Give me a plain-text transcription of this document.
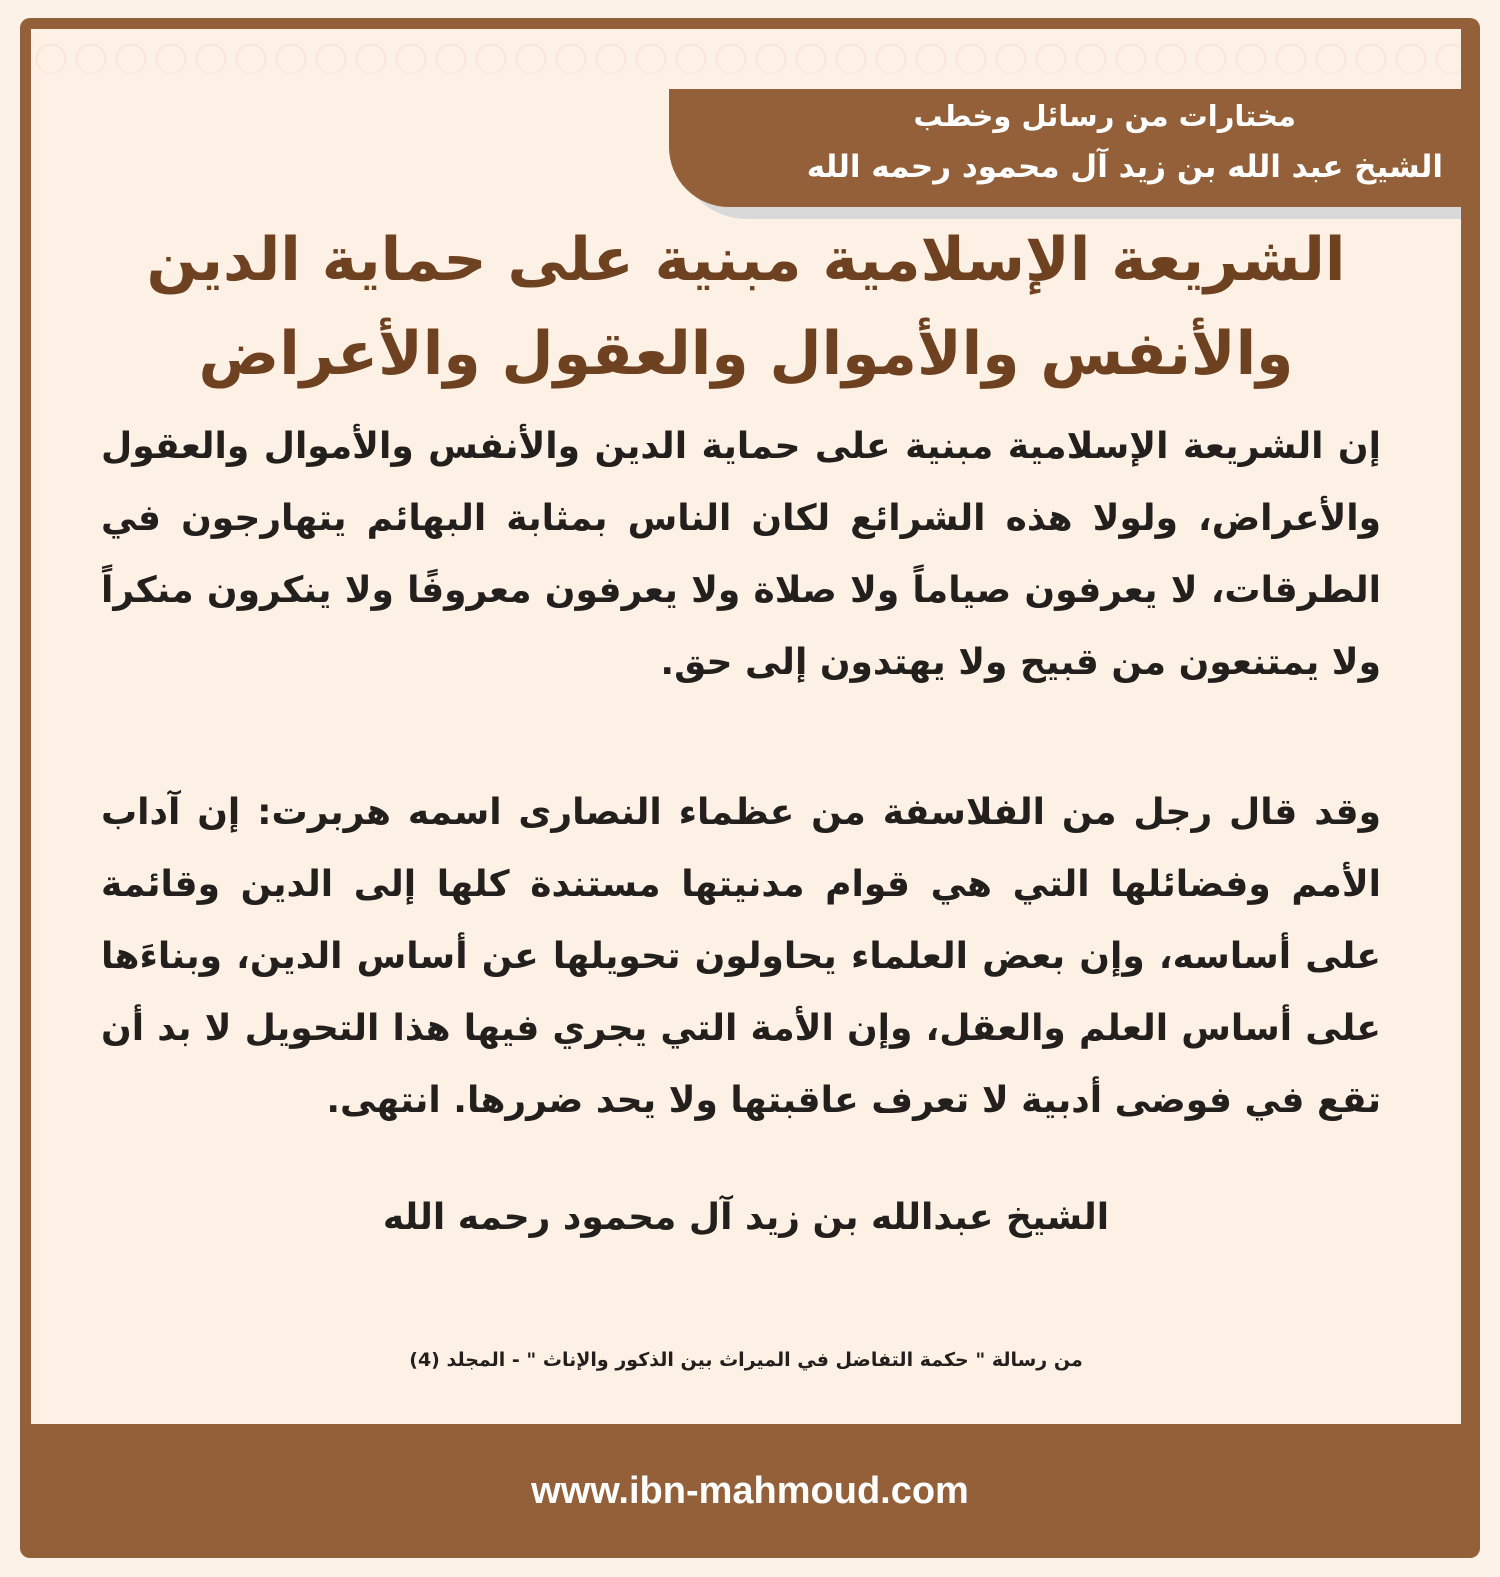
مختارات من رسائل وخطب
الشيخ عبد الله بن زيد آل محمود رحمه الله
الشريعة الإسلامية مبنية على حماية الدين
والأنفس والأموال والعقول والأعراض

إن الشريعة الإسلامية مبنية على حماية الدين والأنفس والأموال والعقول والأعراض، ولولا هذه الشرائع لكان الناس بمثابة البهائم يتهارجون في الطرقات، لا يعرفون صياماً ولا صلاة ولا يعرفون معروفًا ولا ينكرون منكراً ولا يمتنعون من قبيح ولا يهتدون إلى حق.

وقد قال رجل من الفلاسفة من عظماء النصارى اسمه هربرت: إن آداب الأمم وفضائلها التي هي قوام مدنيتها مستندة كلها إلى الدين وقائمة على أساسه، وإن بعض العلماء يحاولون تحويلها عن أساس الدين، وبناءَها على أساس العلم والعقل، وإن الأمة التي يجري فيها هذا التحويل لا بد أن تقع في فوضى أدبية لا تعرف عاقبتها ولا يحد ضررها. انتهى.

الشيخ عبدالله بن زيد آل محمود رحمه الله
من رسالة " حكمة التفاضل في الميراث بين الذكور والإناث " - المجلد (4)
www.ibn-mahmoud.com
